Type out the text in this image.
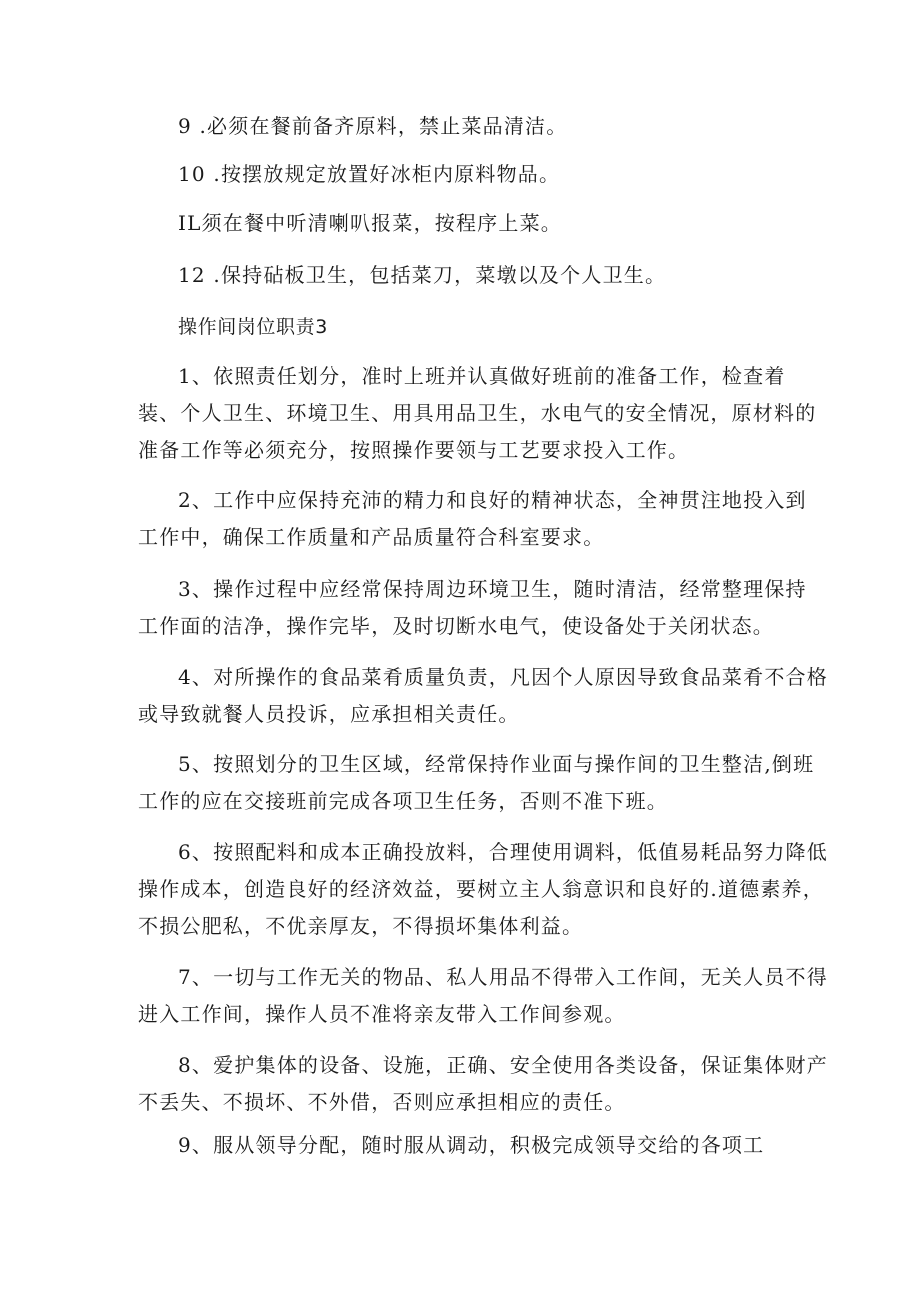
9 .必须在餐前备齐原料，禁止菜品清洁。
10 .按摆放规定放置好冰柜内原料物品。
IL须在餐中听清喇叭报菜，按程序上菜。
12 .保持砧板卫生，包括菜刀，菜墩以及个人卫生。
操作间岗位职责3
1、依照责任划分，准时上班并认真做好班前的准备工作，检查着
装、个人卫生、环境卫生、用具用品卫生，水电气的安全情况，原材料的
准备工作等必须充分，按照操作要领与工艺要求投入工作。
2、工作中应保持充沛的精力和良好的精神状态，全神贯注地投入到
工作中，确保工作质量和产品质量符合科室要求。
3、操作过程中应经常保持周边环境卫生，随时清洁，经常整理保持
工作面的洁净，操作完毕，及时切断水电气，使设备处于关闭状态。
4、对所操作的食品菜肴质量负责，凡因个人原因导致食品菜肴不合格
或导致就餐人员投诉，应承担相关责任。
5、按照划分的卫生区域，经常保持作业面与操作间的卫生整洁,倒班
工作的应在交接班前完成各项卫生任务，否则不准下班。
6、按照配料和成本正确投放料，合理使用调料，低值易耗品努力降低
操作成本，创造良好的经济效益，要树立主人翁意识和良好的.道德素养，
不损公肥私，不优亲厚友，不得损坏集体利益。
7、一切与工作无关的物品、私人用品不得带入工作间，无关人员不得
进入工作间，操作人员不准将亲友带入工作间参观。
8、爱护集体的设备、设施，正确、安全使用各类设备，保证集体财产
不丢失、不损坏、不外借，否则应承担相应的责任。
9、服从领导分配，随时服从调动，积极完成领导交给的各项工
